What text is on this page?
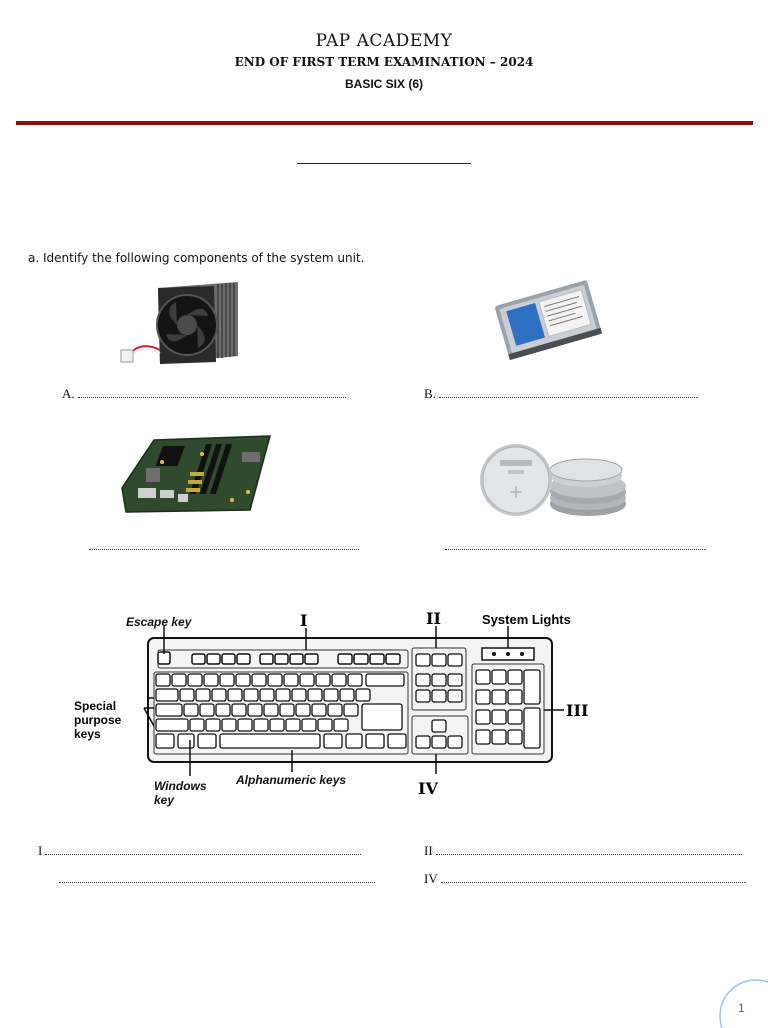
PAP ACADEMY
END OF FIRST TERM EXAMINATION – 2024
BASIC SIX (6)
a. Identify the following components of the system unit.
A.	B.
Escape key	I	II	System Lights
Special
purpose
keys
III
Windows
key
Alphanumeric keys	IV
I	II
IV
1
